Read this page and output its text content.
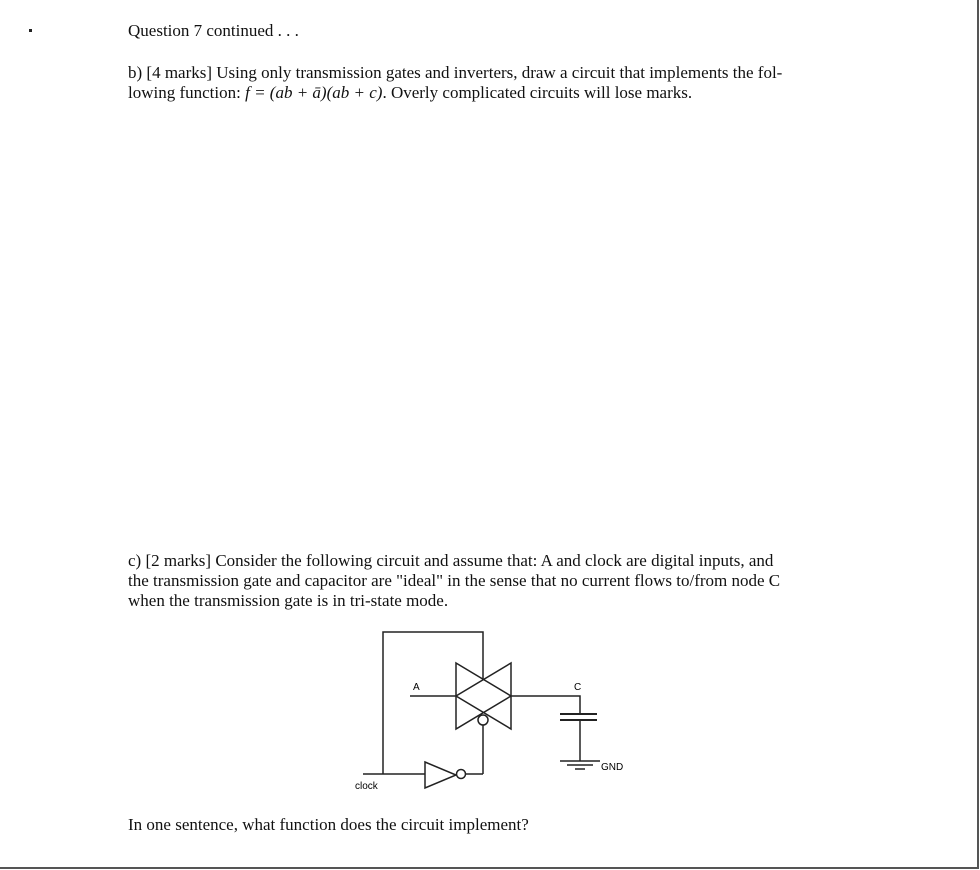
Question 7 continued . . .
b) [4 marks] Using only transmission gates and inverters, draw a circuit that implements the fol-
lowing function: f = (ab + ā)(ab + c). Overly complicated circuits will lose marks.
c) [2 marks] Consider the following circuit and assume that: A and clock are digital inputs, and
the transmission gate and capacitor are "ideal" in the sense that no current flows to/from node C
when the transmission gate is in tri-state mode.
A	C
GND
clock
In one sentence, what function does the circuit implement?
